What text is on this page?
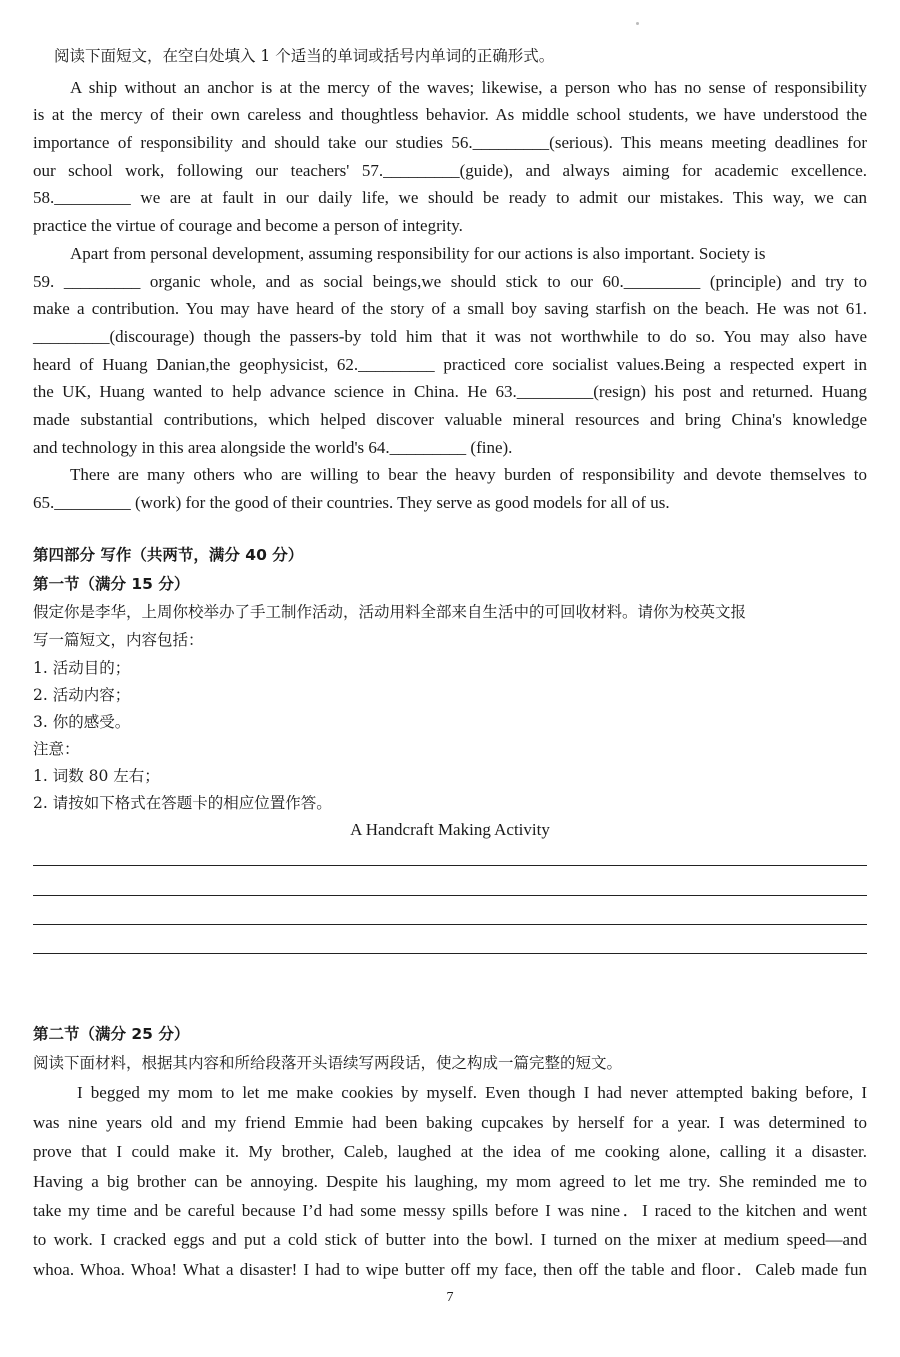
阅读下面短文，在空白处填入 1 个适当的单词或括号内单词的正确形式。
A ship without an anchor is at the mercy of the waves; likewise, a person who has no sense of responsibility
is at the mercy of their own careless and thoughtless behavior. As middle school students, we have understood the
importance of responsibility and should take our studies 56._________(serious). This means meeting deadlines for
our school work, following our teachers' 57._________(guide), and always aiming for academic excellence.
58._________ we are at fault in our daily life, we should be ready to admit our mistakes. This way, we can
practice the virtue of courage and become a person of integrity.
Apart from personal development, assuming responsibility for our actions is also important. Society is
59. _________ organic whole, and as social beings,we should stick to our 60._________ (principle) and try to
make a contribution. You may have heard of the story of a small boy saving starfish on the beach. He was not 61.
_________(discourage) though the passers-by told him that it was not worthwhile to do so. You may also have
heard of Huang Danian,the geophysicist, 62._________ practiced core socialist values.Being a respected expert in
the UK, Huang wanted to help advance science in China. He 63._________(resign) his post and returned. Huang
made substantial contributions, which helped discover valuable mineral resources and bring China's knowledge
and technology in this area alongside the world's 64._________ (fine).
There are many others who are willing to bear the heavy burden of responsibility and devote themselves to
65._________ (work) for the good of their countries. They serve as good models for all of us.
第四部分 写作（共两节，满分 40 分）
第一节（满分 15 分）
假定你是李华，上周你校举办了手工制作活动，活动用料全部来自生活中的可回收材料。请你为校英文报
写一篇短文，内容包括：
1. 活动目的；
2. 活动内容；
3. 你的感受。
注意：
1. 词数 80 左右；
2. 请按如下格式在答题卡的相应位置作答。
A Handcraft Making Activity
第二节（满分 25 分）
阅读下面材料，根据其内容和所给段落开头语续写两段话，使之构成一篇完整的短文。
I begged my mom to let me make cookies by myself. Even though I had never attempted baking before, I
was nine years old and my friend Emmie had been baking cupcakes by herself for a year. I was determined to
prove that I could make it. My brother, Caleb, laughed at the idea of me cooking alone, calling it a disaster.
Having a big brother can be annoying. Despite his laughing, my mom agreed to let me try. She reminded me to
take my time and be careful because I’d had some messy spills before I was nine．I raced to the kitchen and went
to work. I cracked eggs and put a cold stick of butter into the bowl. I turned on the mixer at medium speed—and
whoa. Whoa. Whoa! What a disaster! I had to wipe butter off my face, then off the table and floor．Caleb made fun
7
